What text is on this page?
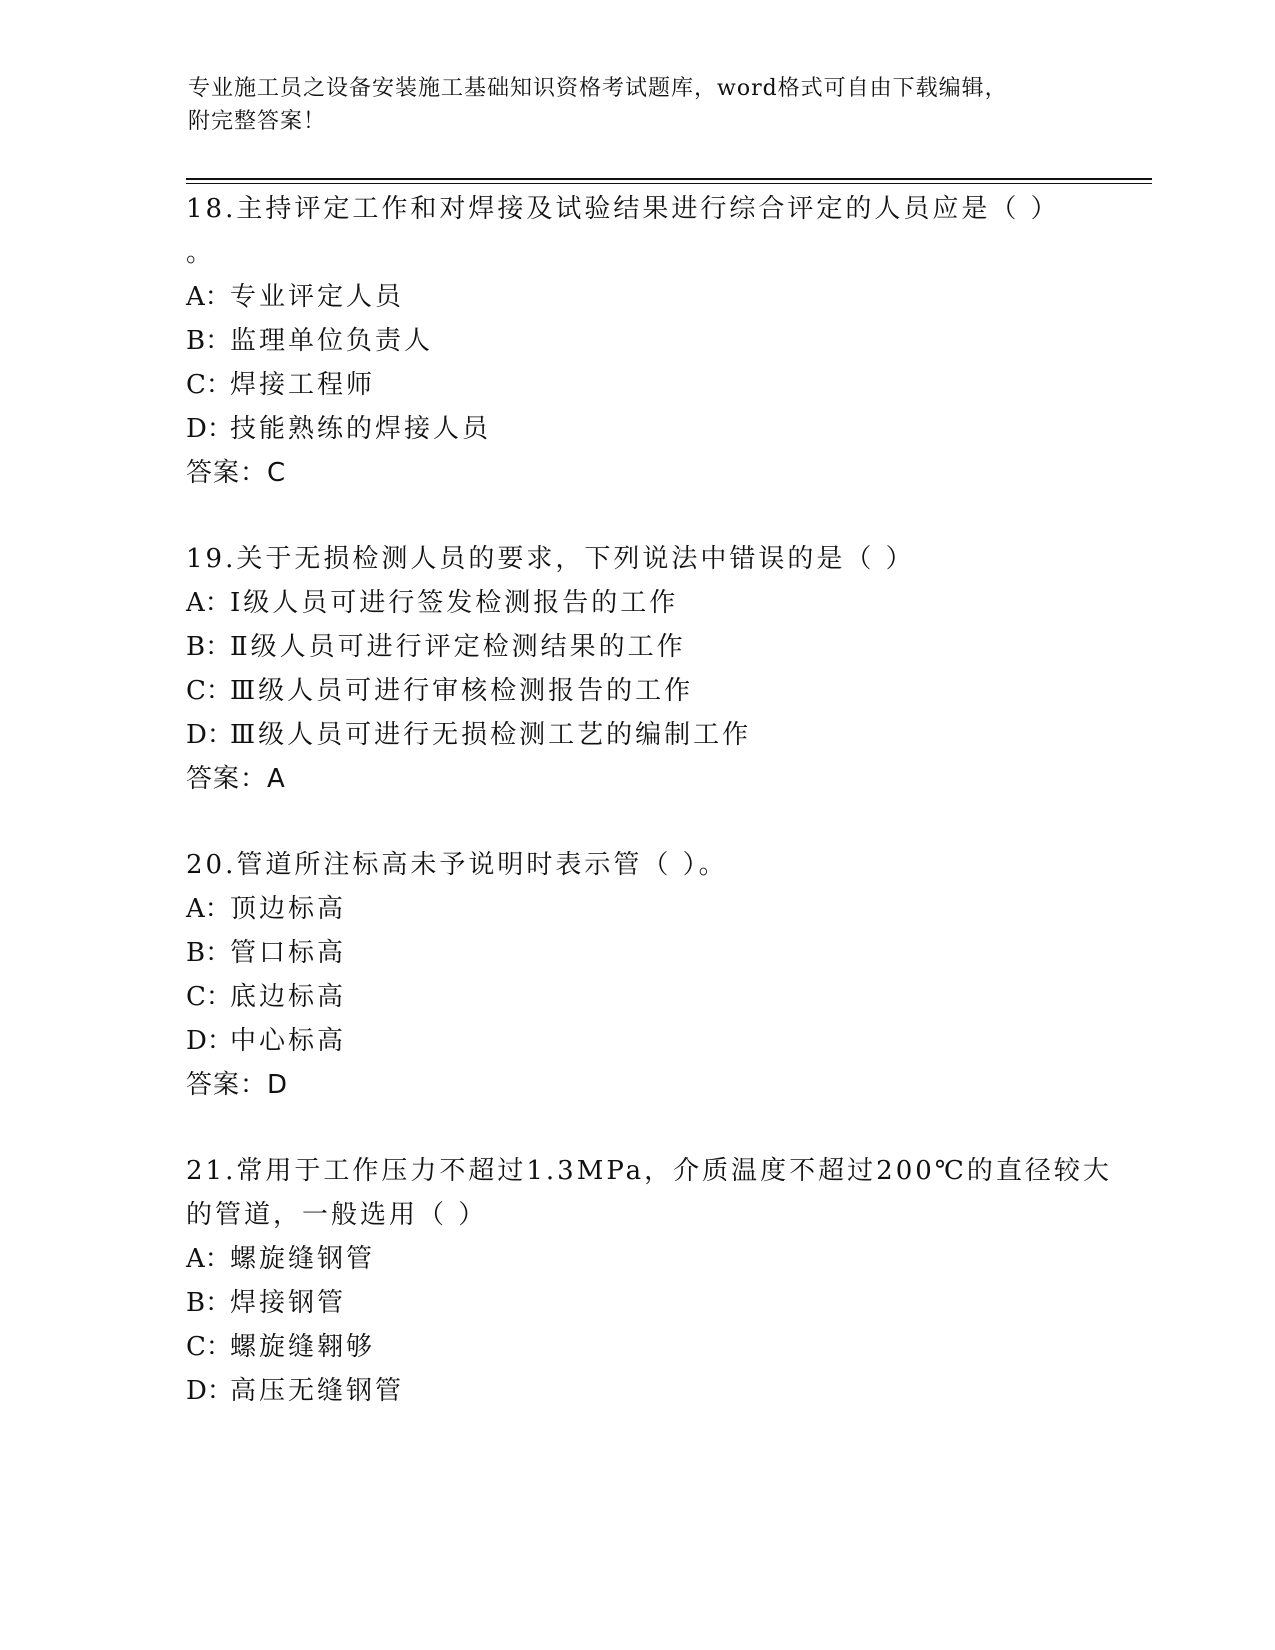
专业施工员之设备安装施工基础知识资格考试题库，word格式可自由下载编辑，
附完整答案！
18.主持评定工作和对焊接及试验结果进行综合评定的人员应是（ ）
。
A：专业评定人员
B：监理单位负责人
C：焊接工程师
D：技能熟练的焊接人员
答案：C
19.关于无损检测人员的要求，下列说法中错误的是（ ）
A：Ⅰ级人员可进行签发检测报告的工作
B：Ⅱ级人员可进行评定检测结果的工作
C：Ⅲ级人员可进行审核检测报告的工作
D：Ⅲ级人员可进行无损检测工艺的编制工作
答案：A
20.管道所注标高未予说明时表示管（ ）。
A：顶边标高
B：管口标高
C：底边标高
D：中心标高
答案：D
21.常用于工作压力不超过1.3MPa，介质温度不超过200℃的直径较大
的管道，一般选用（ ）
A：螺旋缝钢管
B：焊接钢管
C：螺旋缝翱够
D：高压无缝钢管
